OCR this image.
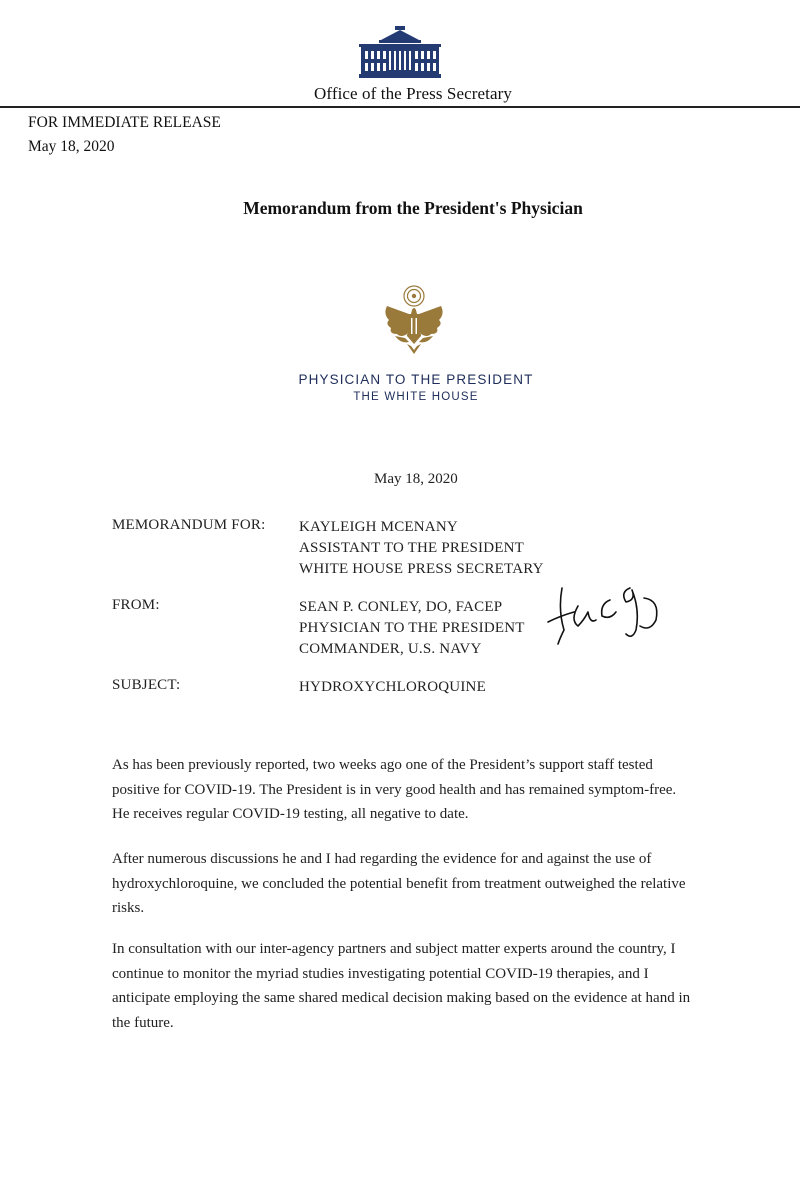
Office of the Press Secretary
FOR IMMEDIATE RELEASE
May 18, 2020
Memorandum from the President's Physician
PHYSICIAN TO THE PRESIDENT
THE WHITE HOUSE
May 18, 2020
MEMORANDUM FOR: KAYLEIGH MCENANY
ASSISTANT TO THE PRESIDENT
WHITE HOUSE PRESS SECRETARY
FROM:	SEAN P. CONLEY, DO, FACEP
PHYSICIAN TO THE PRESIDENT
COMMANDER, U.S. NAVY
SUBJECT:	HYDROXYCHLOROQUINE
As has been previously reported, two weeks ago one of the President’s support staff tested
positive for COVID-19. The President is in very good health and has remained symptom-free.
He receives regular COVID-19 testing, all negative to date.
After numerous discussions he and I had regarding the evidence for and against the use of
hydroxychloroquine, we concluded the potential benefit from treatment outweighed the relative
risks.
In consultation with our inter-agency partners and subject matter experts around the country, I
continue to monitor the myriad studies investigating potential COVID-19 therapies, and I
anticipate employing the same shared medical decision making based on the evidence at hand in
the future.
